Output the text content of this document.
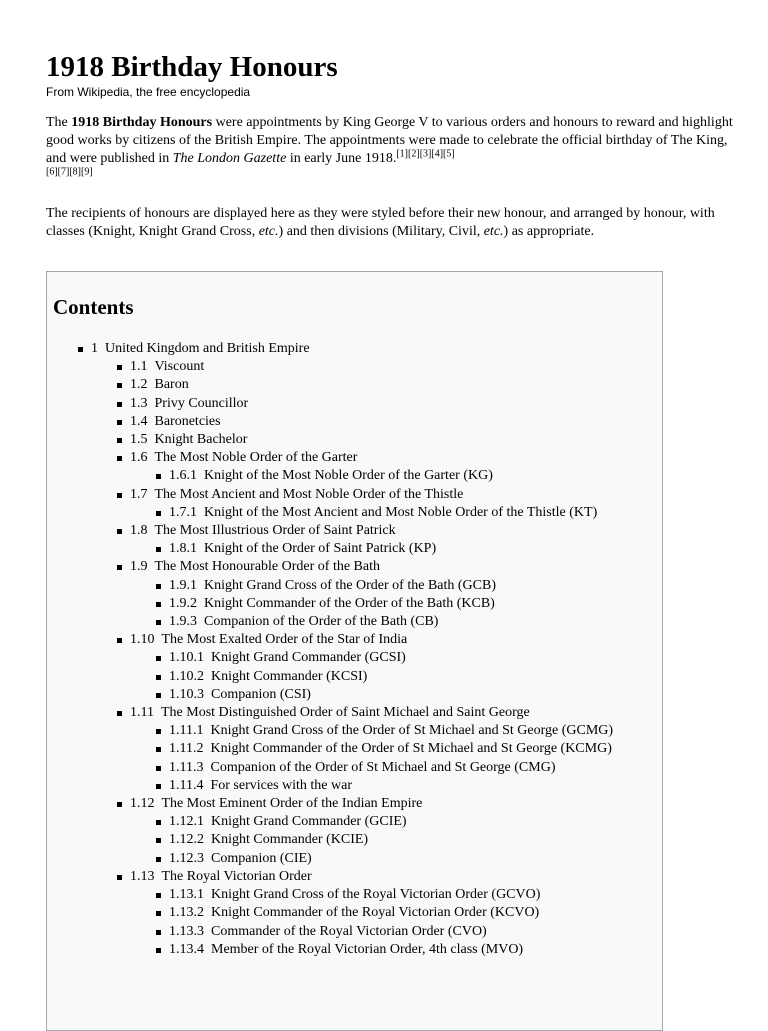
1918 Birthday Honours
From Wikipedia, the free encyclopedia

The 1918 Birthday Honours were appointments by King George V to various orders and honours to reward and highlight good works by citizens of the British Empire. The appointments were made to celebrate the official birthday of The King, and were published in The London Gazette in early June 1918.[1][2][3][4][5]
[6][7][8][9]

The recipients of honours are displayed here as they were styled before their new honour, and arranged by honour, with classes (Knight, Knight Grand Cross, etc.) and then divisions (Military, Civil, etc.) as appropriate.

Contents
1 United Kingdom and British Empire
1.1 Viscount
1.2 Baron
1.3 Privy Councillor
1.4 Baronetcies
1.5 Knight Bachelor
1.6 The Most Noble Order of the Garter
1.6.1 Knight of the Most Noble Order of the Garter (KG)
1.7 The Most Ancient and Most Noble Order of the Thistle
1.7.1 Knight of the Most Ancient and Most Noble Order of the Thistle (KT)
1.8 The Most Illustrious Order of Saint Patrick
1.8.1 Knight of the Order of Saint Patrick (KP)
1.9 The Most Honourable Order of the Bath
1.9.1 Knight Grand Cross of the Order of the Bath (GCB)
1.9.2 Knight Commander of the Order of the Bath (KCB)
1.9.3 Companion of the Order of the Bath (CB)
1.10 The Most Exalted Order of the Star of India
1.10.1 Knight Grand Commander (GCSI)
1.10.2 Knight Commander (KCSI)
1.10.3 Companion (CSI)
1.11 The Most Distinguished Order of Saint Michael and Saint George
1.11.1 Knight Grand Cross of the Order of St Michael and St George (GCMG)
1.11.2 Knight Commander of the Order of St Michael and St George (KCMG)
1.11.3 Companion of the Order of St Michael and St George (CMG)
1.11.4 For services with the war
1.12 The Most Eminent Order of the Indian Empire
1.12.1 Knight Grand Commander (GCIE)
1.12.2 Knight Commander (KCIE)
1.12.3 Companion (CIE)
1.13 The Royal Victorian Order
1.13.1 Knight Grand Cross of the Royal Victorian Order (GCVO)
1.13.2 Knight Commander of the Royal Victorian Order (KCVO)
1.13.3 Commander of the Royal Victorian Order (CVO)
1.13.4 Member of the Royal Victorian Order, 4th class (MVO)
